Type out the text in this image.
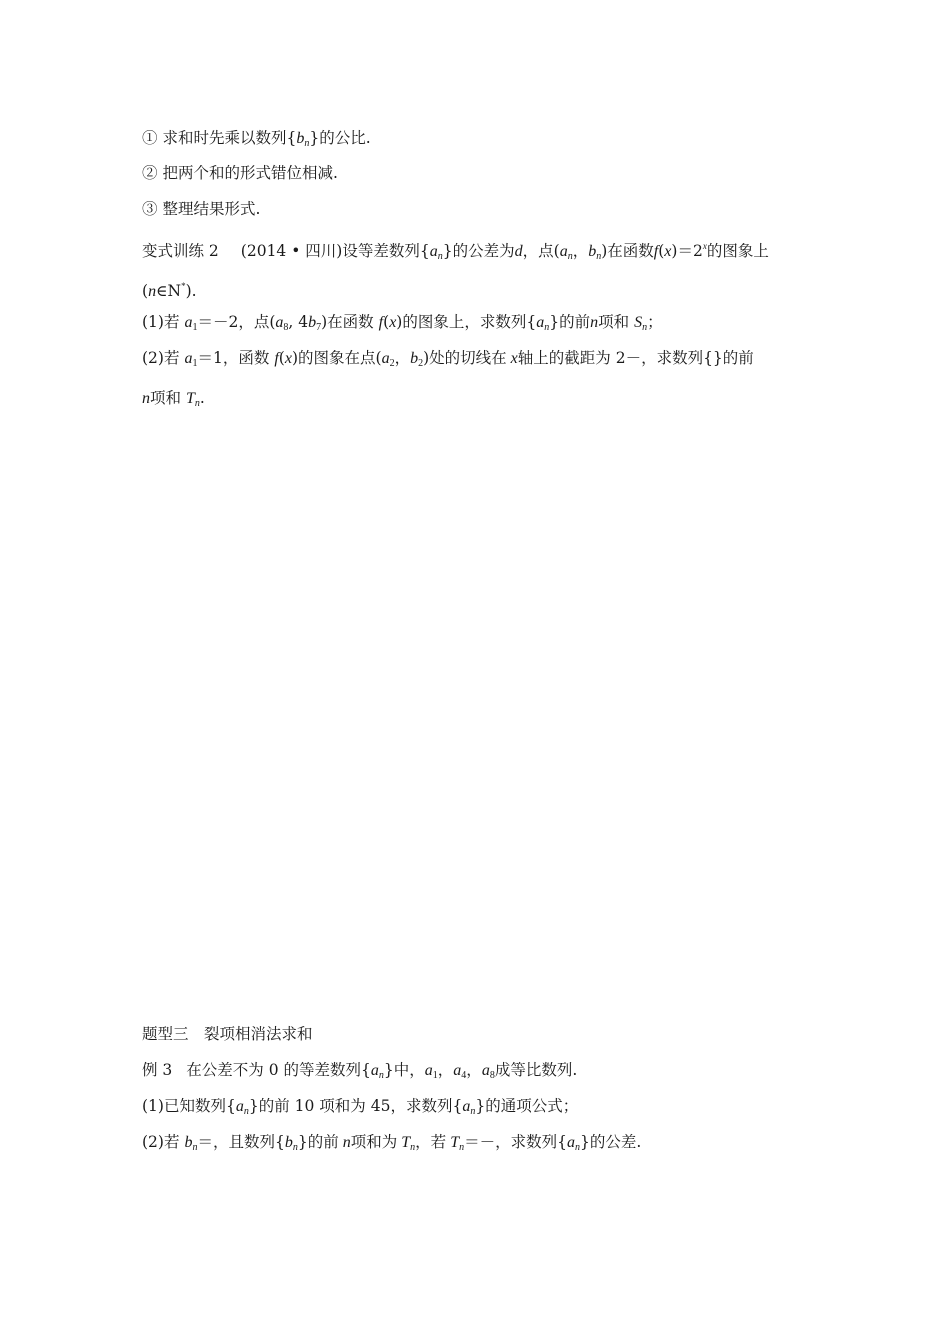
① 求和时先乘以数列$\{b_n\}$的公比.
② 把两个和的形式错位相减.
③ 整理结果形式.
变式训练 2 (2014 • 四川)设等差数列$\{a_n\}$的公差为d，点($a_n$，$b_n$)在函数$f(x)=2^x$的图象上
(n∈N*).
(1)若 a1＝－2，点(a8, 4b7)在函数 f(x)的图象上，求数列$\{a_n\}$的前n项和 $S_n$；
(2)若 a1＝1，函数 f(x)的图象在点(a2，b2)处的切线在 x轴上的截距为 2－，求数列{}的前
n项和 $T_n$.
题型三　裂项相消法求和
例 3 在公差不为 0 的等差数列$\{a_n\}$中，a1，a4，a8成等比数列.
(1)已知数列$\{a_n\}$的前 10 项和为 45，求数列$\{a_n\}$的通项公式；
(2)若 $b_n=$，且数列$\{b_n\}$的前 n项和为 $T_n$，若 $T_n=-$，求数列$\{a_n\}$的公差.
